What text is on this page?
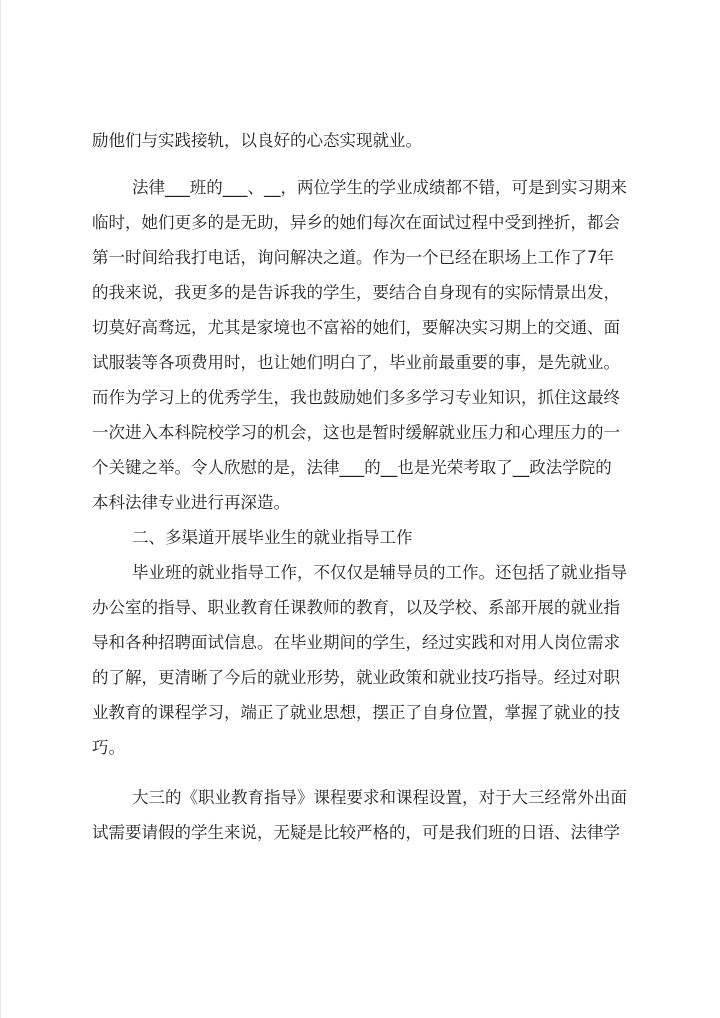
励他们与实践接轨，以良好的心态实现就业。
法律___班的___、__，两位学生的学业成绩都不错，可是到实习期来
临时，她们更多的是无助，异乡的她们每次在面试过程中受到挫折，都会
第一时间给我打电话，询问解决之道。作为一个已经在职场上工作了7年
的我来说，我更多的是告诉我的学生，要结合自身现有的实际情景出发，
切莫好高骛远，尤其是家境也不富裕的她们，要解决实习期上的交通、面
试服装等各项费用时，也让她们明白了，毕业前最重要的事，是先就业。
而作为学习上的优秀学生，我也鼓励她们多多学习专业知识，抓住这最终
一次进入本科院校学习的机会，这也是暂时缓解就业压力和心理压力的一
个关键之举。令人欣慰的是，法律___的__也是光荣考取了__政法学院的
本科法律专业进行再深造。
二、多渠道开展毕业生的就业指导工作
毕业班的就业指导工作，不仅仅是辅导员的工作。还包括了就业指导
办公室的指导、职业教育任课教师的教育，以及学校、系部开展的就业指
导和各种招聘面试信息。在毕业期间的学生，经过实践和对用人岗位需求
的了解，更清晰了今后的就业形势，就业政策和就业技巧指导。经过对职
业教育的课程学习，端正了就业思想，摆正了自身位置，掌握了就业的技
巧。
大三的《职业教育指导》课程要求和课程设置，对于大三经常外出面
试需要请假的学生来说，无疑是比较严格的，可是我们班的日语、法律学
